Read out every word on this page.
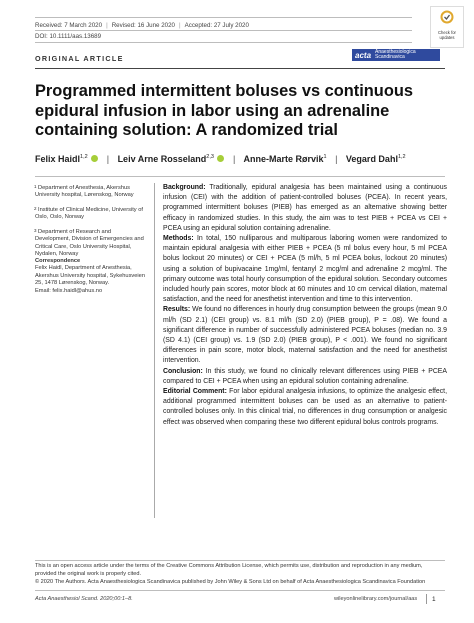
Received: 7 March 2020 | Revised: 16 June 2020 | Accepted: 27 July 2020
DOI: 10.1111/aas.13689
Check for
updates
ORIGINAL ARTICLE	acta Anaesthesiologica
Scandinavica
Programmed intermittent boluses vs continuous epidural infusion in labor using an adrenaline containing solution: A randomized trial
Felix Haidl$^{1,2}$ | Leiv Arne Rosseland$^{2,3}$ | Anne-Marte Rørvik$^1$ | Vegard Dahl$^{1,2}$
1 Department of Anesthesia, Akershus University hospital, Lørenskog, Norway
2 Institute of Clinical Medicine, University of Oslo, Oslo, Norway
3 Department of Research and Development, Division of Emergencies and Critical Care, Oslo University Hospital, Nydalen, Norway
Correspondence
Felix Haidl, Department of Anesthesia,
Akershus University hospital, Sykehusveien
25, 1478 Lørenskog, Norway.
Email: felix.haidl@ahus.no
Background: Traditionally, epidural analgesia has been maintained using a continuous infusion (CEI) with the addition of patient-controlled boluses (PCEA). In recent years, programmed intermittent boluses (PIEB) has emerged as an alternative showing better efficacy in randomized studies. In this study, the aim was to test PIEB + PCEA vs CEI + PCEA using an epidural solution containing adrenaline.
Methods: In total, 150 nulliparous and multiparous laboring women were randomized to maintain epidural analgesia with either PIEB + PCEA (5 ml bolus every hour, 5 ml PCEA bolus lockout 20 minutes) or CEI + PCEA (5 ml/h, 5 ml PCEA bolus, lockout 20 minutes) using a solution of bupivacaine 1mg/ml, fentanyl 2 mcg/ml and adrenaline 2 mcg/ml. The primary outcome was total hourly consumption of the epidural solution. Secondary outcomes included hourly pain scores, motor block at 60 minutes and 10 cm cervical dilation, maternal satisfaction, and the need for anesthetist intervention and time to this intervention.
Results: We found no differences in hourly drug consumption between the groups (mean 9.0 ml/h (SD 2.1) (CEI group) vs. 8.1 ml/h (SD 2.0) (PIEB group), P = .08). We found a significant difference in number of successfully administered PCEA boluses (median no. 3.9 (SD 4.1) (CEI group) vs. 1.9 (SD 2.0) (PIEB group), P < .001). We found no significant differences in pain score, motor block, maternal satisfaction and the need for anesthetist intervention.
Conclusion: In this study, we found no clinically relevant differences using PIEB + PCEA compared to CEI + PCEA when using an epidural solution containing adrenaline.
Editorial Comment: For labor epidural analgesia infusions, to optimize the analgesic effect, additional programmed intermittent boluses can be used as an alternative to patient-controlled boluses only. In this clinical trial, no differences in drug consumption or analgesic effect was observed when comparing these two different epidural bolus controls programs.
This is an open access article under the terms of the Creative Commons Attribution License, which permits use, distribution and reproduction in any medium, provided the original work is properly cited.
© 2020 The Authors. Acta Anaesthesiologica Scandinavica published by John Wiley & Sons Ltd on behalf of Acta Anaesthesiologica Scandinavica Foundation
Acta Anaesthesiol Scand. 2020;00:1–8.	wileyonlinelibrary.com/journal/aas 1
